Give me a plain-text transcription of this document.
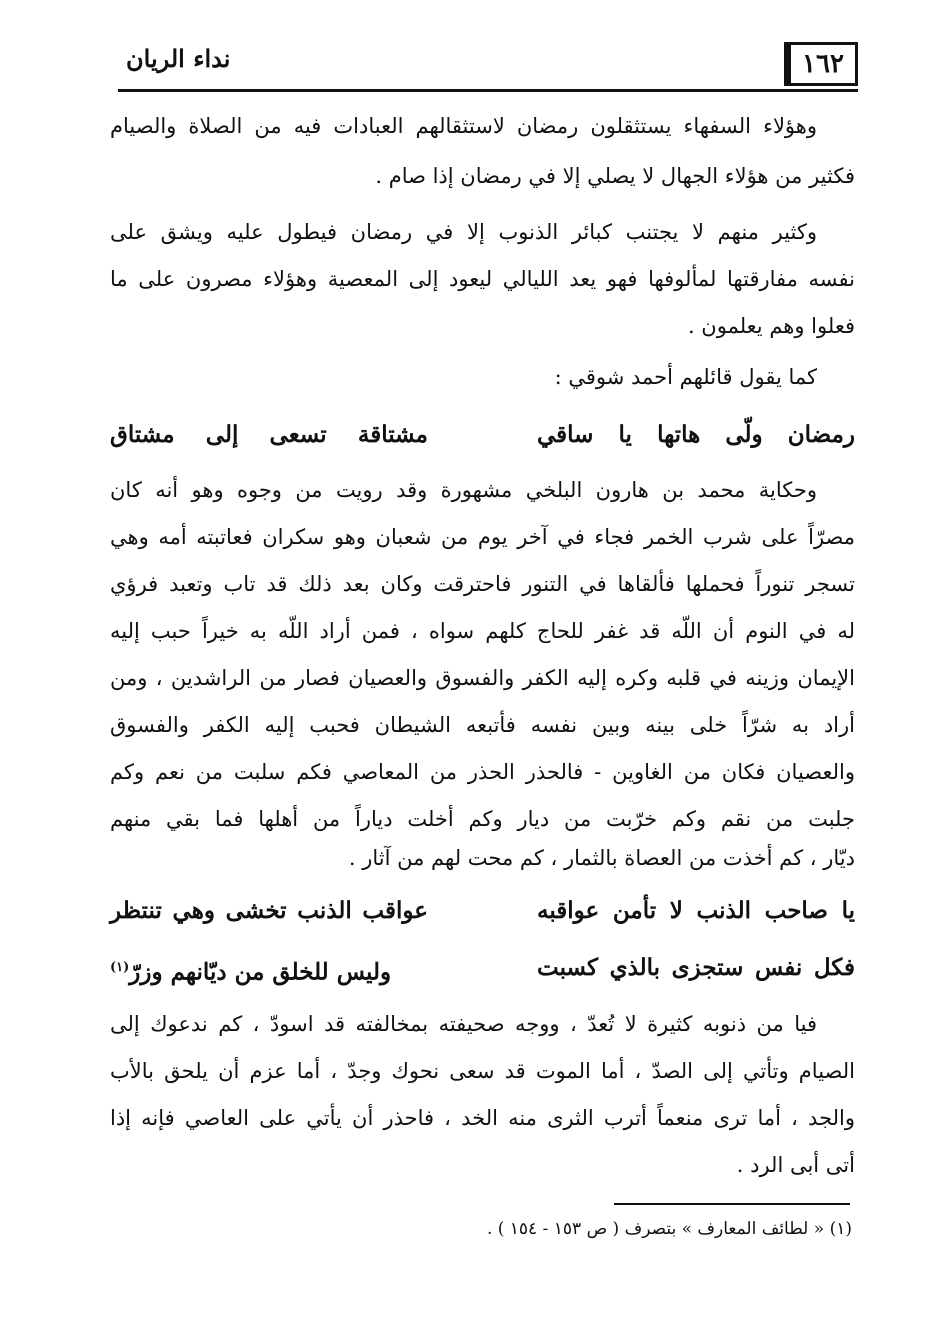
١٦٢
نداء الريان
وهؤلاء السفهاء يستثقلون رمضان لاستثقالهم العبادات فيه من الصلاة والصيام
فكثير من هؤلاء الجهال لا يصلي إلا في رمضان إذا صام .
وكثير منهم لا يجتنب كبائر الذنوب إلا في رمضان فيطول عليه ويشق على
نفسه مفارقتها لمألوفها فهو يعد الليالي ليعود إلى المعصية وهؤلاء مصرون على ما
فعلوا وهم يعلمون .
كما يقول قائلهم أحمد شوقي :
رمضان ولّى هاتها يا ساقي
مشتاقة تسعى إلى مشتاق
وحكاية محمد بن هارون البلخي مشهورة وقد رويت من وجوه وهو أنه كان
مصرّاً على شرب الخمر فجاء في آخر يوم من شعبان وهو سكران فعاتبته أمه وهي
تسجر تنوراً فحملها فألقاها في التنور فاحترقت وكان بعد ذلك قد تاب وتعبد فرؤي
له في النوم أن اللّه قد غفر للحاج كلهم سواه ، فمن أراد اللّه به خيراً حبب إليه
الإيمان وزينه في قلبه وكره إليه الكفر والفسوق والعصيان فصار من الراشدين ، ومن
أراد به شرّاً خلى بينه وبين نفسه فأتبعه الشيطان فحبب إليه الكفر والفسوق
والعصيان فكان من الغاوين - فالحذر الحذر من المعاصي فكم سلبت من نعم وكم
جلبت من نقم وكم خرّبت من ديار وكم أخلت دياراً من أهلها فما بقي منهم
ديّار ، كم أخذت من العصاة بالثمار ، كم محت لهم من آثار .
يا صاحب الذنب لا تأمن عواقبه
عواقب الذنب تخشى وهي تنتظر
فكل نفس ستجزى بالذي كسبت
وليس للخلق من ديّانهم وزرّ$^{(١)}$
فيا من ذنوبه كثيرة لا تُعدّ ، ووجه صحيفته بمخالفته قد اسودّ ، كم ندعوك إلى
الصيام وتأتي إلى الصدّ ، أما الموت قد سعى نحوك وجدّ ، أما عزم أن يلحق بالأب
والجد ، أما ترى منعماً أترب الثرى منه الخد ، فاحذر أن يأتي على العاصي فإنه إذا
أتى أبى الرد .
(١) « لطائف المعارف » بتصرف ( ص ١٥٣ - ١٥٤ ) .
